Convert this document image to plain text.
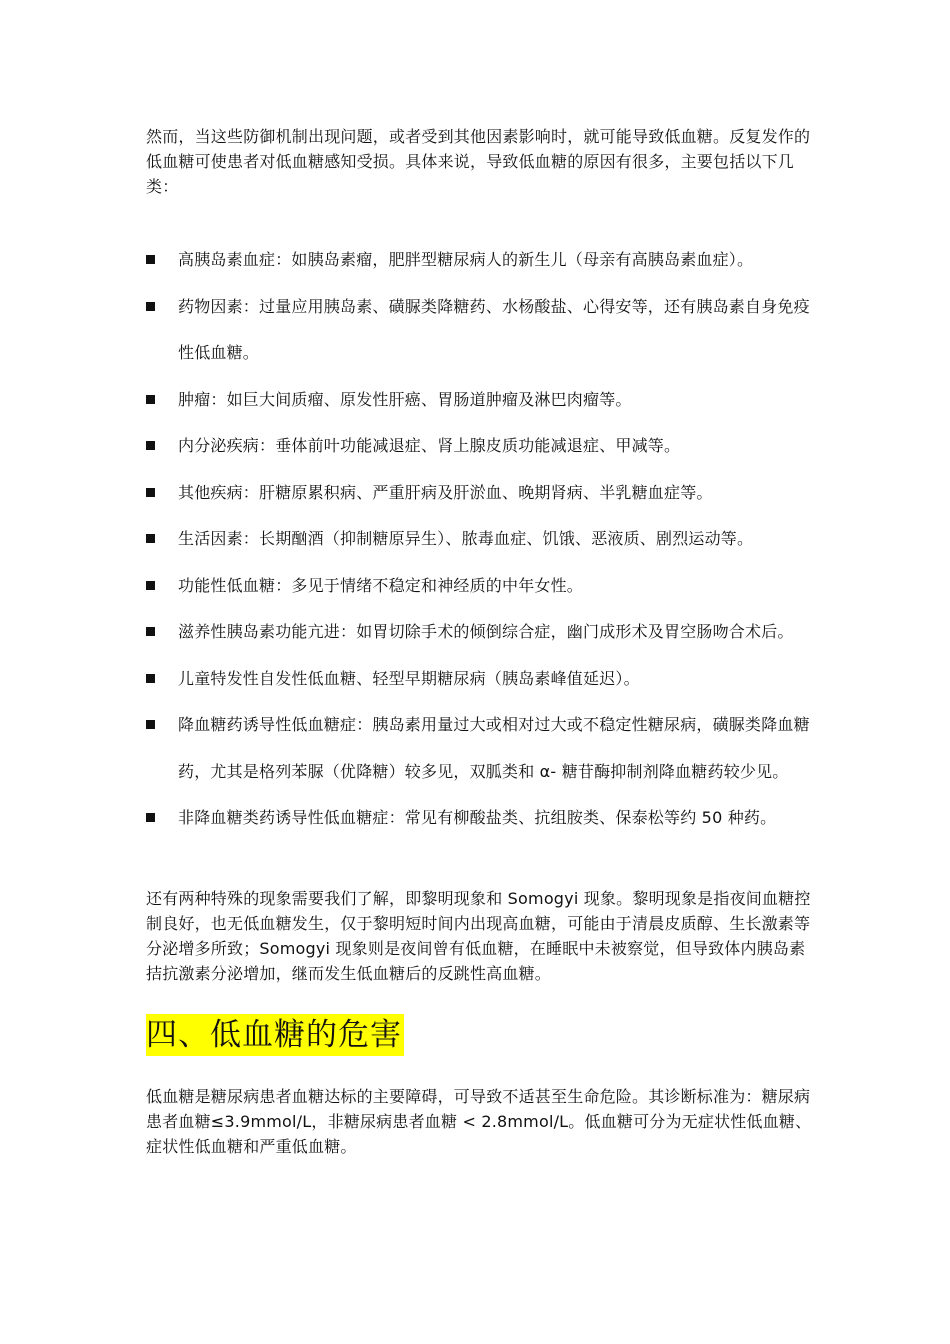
然而，当这些防御机制出现问题，或者受到其他因素影响时，就可能导致低血糖。反复发作的低血糖可使患者对低血糖感知受损。具体来说，导致低血糖的原因有很多，主要包括以下几类：

高胰岛素血症：如胰岛素瘤，肥胖型糖尿病人的新生儿（母亲有高胰岛素血症）。
药物因素：过量应用胰岛素、磺脲类降糖药、水杨酸盐、心得安等，还有胰岛素自身免疫性低血糖。
肿瘤：如巨大间质瘤、原发性肝癌、胃肠道肿瘤及淋巴肉瘤等。
内分泌疾病：垂体前叶功能减退症、肾上腺皮质功能减退症、甲减等。
其他疾病：肝糖原累积病、严重肝病及肝淤血、晚期肾病、半乳糖血症等。
生活因素：长期酗酒（抑制糖原异生）、脓毒血症、饥饿、恶液质、剧烈运动等。
功能性低血糖：多见于情绪不稳定和神经质的中年女性。
滋养性胰岛素功能亢进：如胃切除手术的倾倒综合症，幽门成形术及胃空肠吻合术后。
儿童特发性自发性低血糖、轻型早期糖尿病（胰岛素峰值延迟）。
降血糖药诱导性低血糖症：胰岛素用量过大或相对过大或不稳定性糖尿病，磺脲类降血糖药，尤其是格列苯脲（优降糖）较多见，双胍类和 α- 糖苷酶抑制剂降血糖药较少见。
非降血糖类药诱导性低血糖症：常见有柳酸盐类、抗组胺类、保泰松等约 50 种药。

还有两种特殊的现象需要我们了解，即黎明现象和 Somogyi 现象。黎明现象是指夜间血糖控制良好，也无低血糖发生，仅于黎明短时间内出现高血糖，可能由于清晨皮质醇、生长激素等分泌增多所致；Somogyi 现象则是夜间曾有低血糖，在睡眠中未被察觉，但导致体内胰岛素拮抗激素分泌增加，继而发生低血糖后的反跳性高血糖。

四、低血糖的危害

低血糖是糖尿病患者血糖达标的主要障碍，可导致不适甚至生命危险。其诊断标准为：糖尿病患者血糖≤3.9mmol/L，非糖尿病患者血糖 < 2.8mmol/L。低血糖可分为无症状性低血糖、症状性低血糖和严重低血糖。
